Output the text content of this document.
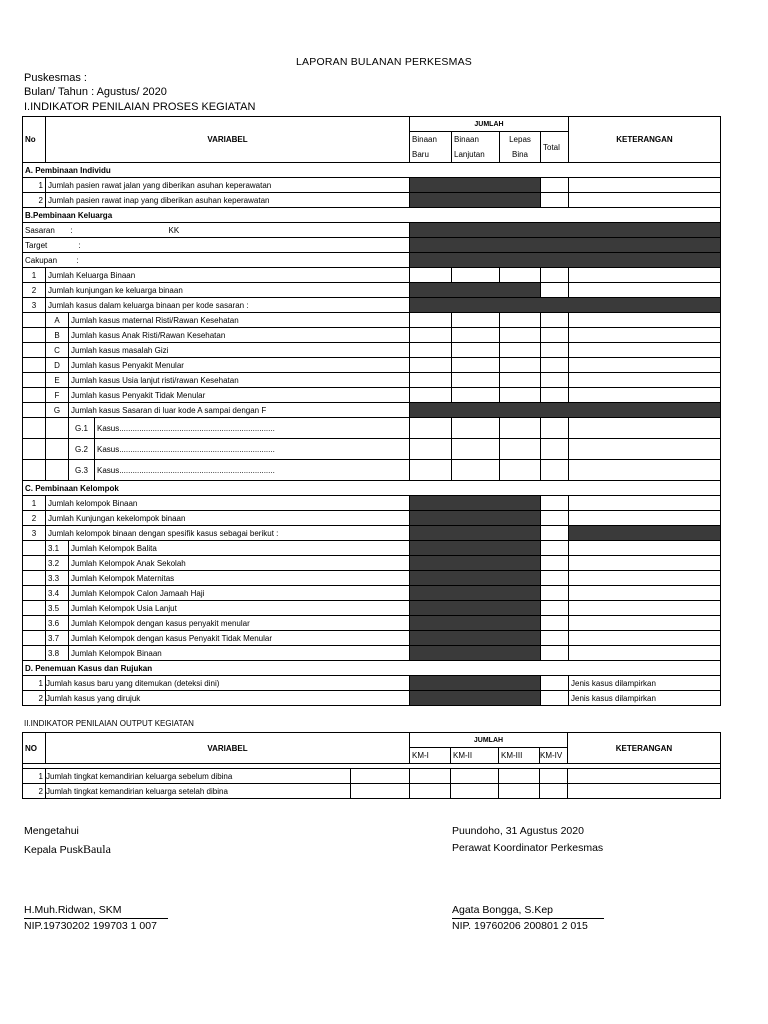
LAPORAN BULANAN PERKESMAS
Puskesmas :
Bulan/ Tahun : Agustus/ 2020
I.INDIKATOR PENILAIAN PROSES KEGIATAN
No	VARIABEL			JUMLAH				KETERANGAN
				Binaan	Binaan	Lepas	Total	
				Baru	Lanjutan	Bina		
A. Pembinaan Individu								
1	Jumlah pasien rawat jalan yang diberikan asuhan keperawatan							
2	Jumlah pasien rawat inap yang diberikan asuhan keperawatan							
B.Pembinaan Keluarga								
Sasaran		:	KK					
Target		:						
Cakupan		:						
1	Jumlah Keluarga Binaan							
2	Jumlah kunjungan ke keluarga binaan							
3	Jumlah kasus dalam keluarga binaan per kode sasaran :							
	A	Jumlah kasus maternal Risti/Rawan Kesehatan						
	B	Jumlah kasus Anak Risti/Rawan Kesehatan						
	C	Jumlah kasus masalah Gizi						
	D	Jumlah kasus Penyakit Menular						
	E	Jumlah kasus Usia lanjut risti/rawan Kesehatan						
	F	Jumlah kasus Penyakit Tidak Menular						
	G	Jumlah kasus Sasaran di luar kode A sampai dengan F						
		G.1	Kasus......................................................................					
		G.2	Kasus......................................................................					
		G.3	Kasus......................................................................					
C. Pembinaan Kelompok								
1	Jumlah kelompok Binaan							
2	Jumlah Kunjungan kekelompok binaan							
3	Jumlah kelompok binaan dengan spesifik kasus sebagai berikut :							
	3.1	Jumlah Kelompok Balita						
	3.2	Jumlah Kelompok Anak Sekolah						
	3.3	Jumlah Kelompok Maternitas						
	3.4	Jumlah Kelompok Calon Jamaah Haji						
	3.5	Jumlah Kelompok Usia Lanjut						
	3.6	Jumlah Kelompok dengan kasus penyakit menular						
	3.7	Jumlah Kelompok dengan kasus Penyakit Tidak Menular						
	3.8	Jumlah Kelompok Binaan						
D. Penemuan Kasus dan Rujukan								
1	Jumlah kasus baru yang ditemukan (deteksi dini)							Jenis kasus dilampirkan
2	Jumlah kasus yang dirujuk							Jenis kasus dilampirkan
II.INDIKATOR PENILAIAN OUTPUT KEGIATAN
NO	VARIABEL		JUMLAH				KETERANGAN
			KM-I	KM-II	KM-III	KM-IV	

1	Jumlah tingkat kemandirian keluarga sebelum dibina						
2	Jumlah tingkat kemandirian keluarga setelah dibina						
Mengetahui
Kepala PuskBaula
H.Muh.Ridwan, SKM
NIP.19730202 199703 1 007
Puundoho, 31 Agustus 2020
Perawat Koordinator Perkesmas
Agata Bongga, S.Kep
NIP. 19760206 200801 2 015
